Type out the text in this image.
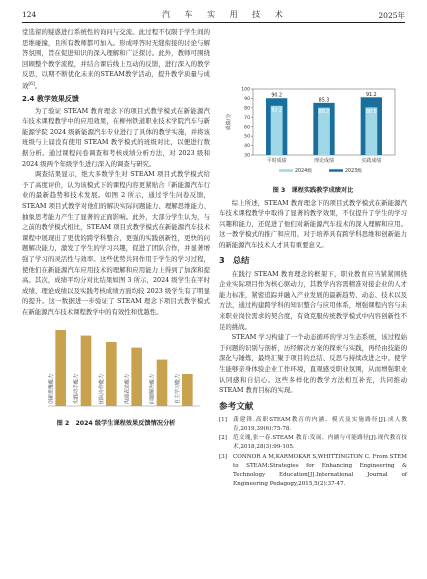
124	汽 车 实 用 技 术	2025年

堂选留的疑惑进行系统性的询问与交流。此过程不仅限于学生间的思维碰撞，且所有教师都可加入。形成呼答时无缝衔接的讨论与解答氛围，旨在促进知识的深入理解和广泛探讨。此外，教师可围绕回顾整个教学流程，并结合课后线上互动的反馈，进行深入的教学反思，以期不断优化未来的STEAM教学活动，提升教学质量与成效[6]。

2.4 教学效果反馈

为了验证 STEAM 教育理念下的项目式教学模式在新能源汽车技术课程教学中的应用效果，在柳州铁道职业技术学院汽车与新能源学院 2024 级新能源汽车专业进行了具体的教学实施，并将该班级与上届没有使用 STEAM 教学模式的班级对比，以便进行数据分析。通过课程问卷调查和考核成绩分析方法，对 2023 级和 2024 级两个年级学生进行深入的调查与研究。

调查结果显示，绝大多数学生对 STEAM 项目式教学模式给予了高度评价，认为该模式下的课程内容更紧贴合『新能源汽车行业的最新趋势和技术发展。如图 2 所示，通过学生问卷反馈，STEAM 项目式教学对他们的解决实际问题能力、理解思维能力、抽象思考能力产生了显著的正面影响。此外，大部分学生认为，与之前的教学模式相比，STEAM 项目式教学模式在新能源汽车技术课程中展现出了更优的跨学科整合，更强的实践创新性，更快的问题解决能力，激发了学生的学习兴趣，促进了团队合作，并显著增强了学习的灵活性与效率。这些优势共同作用于学生的学习过程，使他们在新能源汽车应用技术的理解和应用能力上得到了加深和提高。其次，成绩平均分对比结果如图 3 所示，2024 级学生在平时成绩、理论成绩以及实践考核成绩方面均较 2023 级学生有了明显的提升。这一数据进一步验证了 STEAM 理念下项目式教学模式在新能源汽车技术课程教学中的有效性和优越性。

创新思维能力	实践动手能力	团队协作能力	沟通表达能力	问题解决能力	自主学习能力
图 2　2024 级学生课程效果反馈情况分析
100
90
80
70
60
50
40
30
成绩/分
90.2
82.2
平时成绩
85.3
80.2
理论成绩
91.2
80.5
实践成绩
2024级	2023级
图 3　课程实践教学成绩对比

综上所述，STEAM 教育理念下的项目式教学模式在新能源汽车技术课程教学中取得了显著的教学效果，不仅提升了学生的学习兴趣和能力，还促进了他们对新能源汽车技术的深入理解和应用。这一教学模式的推广和应用，对于培养具有跨学科思维和创新能力的新能源汽车技术人才具有重要意义。

3　总结

在践行 STEAM 教育理念的框架下，职业教育应当紧紧围绕企业实际项目作为核心驱动力，其教学内容需精准对接企业的人才能力标准，紧密追踪并融入产业发展的最新趋势、动态、技术以及方法，通过构建跨学科的知识整合与应用体系，增强课程内容与未来职业岗位需求的契合度，有效克服传统教学模式中内容创新性不足的挑战。

STEAM 学习构建了一个动态循环的学习生态系统，该过程始于问题的识别与剖析，历经解决方案的探索与实践，再经由技能的深化与锤炼，最终汇聚于项目的总结、反思与持续改进之中。使学生能够亲身体验企业工作环境，直观感受职业氛围，从而增强职业认同感和自信心。这些多样化的教学方法相互补充，共同推动 STEAM 教育目标的实现。

参考文献
[1]	龚建锋.高职STEAM教育的内涵、模式及实施路径[J].成人教育,2019,39(6):75-78.
[2]	范文瑰,张一春.STEAM 教育:发展、内涵与可能路径[J].现代教育技术,2018,28(3):99-105.
[3]	CONNOR A M,KARMOKAR S,WHITTINGTON C. From STEM to STEAM:Strategies for Enhancing Engineering & Technology Education[J].International Journal of Engineering Pedagogy,2015,5(2):37-47.
